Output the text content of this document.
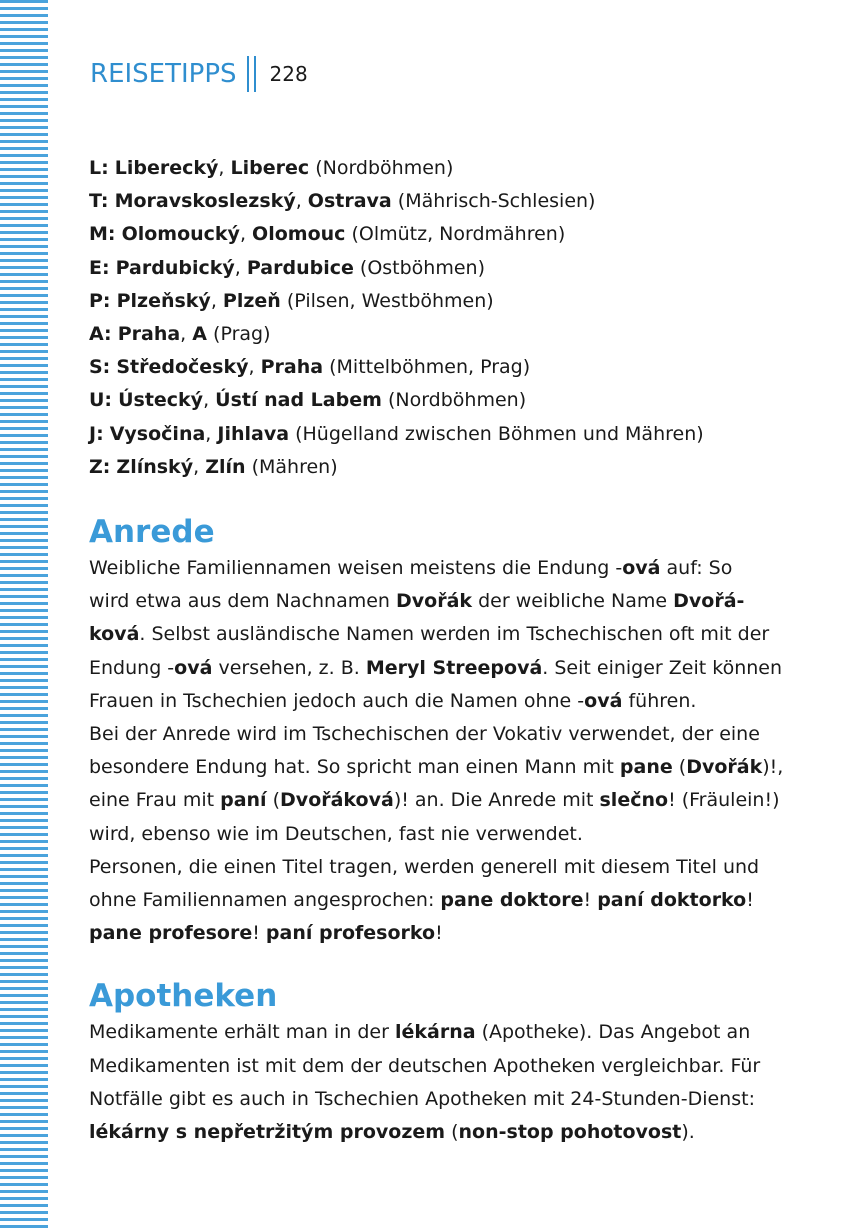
REISETIPPS 228
L: Liberecký, Liberec (Nordböhmen)
T: Moravskoslezský, Ostrava (Mährisch-Schlesien)
M: Olomoucký, Olomouc (Olmütz, Nordmähren)
E: Pardubický, Pardubice (Ostböhmen)
P: Plzeňský, Plzeň (Pilsen, Westböhmen)
A: Praha, A (Prag)
S: Středočeský, Praha (Mittelböhmen, Prag)
U: Ústecký, Ústí nad Labem (Nordböhmen)
J: Vysočina, Jihlava (Hügelland zwischen Böhmen und Mähren)
Z: Zlínský, Zlín (Mähren)
Anrede

Weibliche Familiennamen weisen meistens die Endung -ová auf: So

wird etwa aus dem Nachnamen Dvořák der weibliche Name Dvořá-

ková. Selbst ausländische Namen werden im Tschechischen oft mit der

Endung -ová versehen, z. B. Meryl Streepová. Seit einiger Zeit können

Frauen in Tschechien jedoch auch die Namen ohne -ová führen.

Bei der Anrede wird im Tschechischen der Vokativ verwendet, der eine

besondere Endung hat. So spricht man einen Mann mit pane (Dvořák)!,

eine Frau mit paní (Dvořáková)! an. Die Anrede mit slečno! (Fräulein!)

wird, ebenso wie im Deutschen, fast nie verwendet.

Personen, die einen Titel tragen, werden generell mit diesem Titel und

ohne Familiennamen angesprochen: pane doktore! paní doktorko!

pane profesore! paní profesorko!

Apotheken

Medikamente erhält man in der lékárna (Apotheke). Das Angebot an

Medikamenten ist mit dem der deutschen Apotheken vergleichbar. Für

Notfälle gibt es auch in Tschechien Apotheken mit 24-Stunden-Dienst:

lékárny s nepřetržitým provozem (non-stop pohotovost).
